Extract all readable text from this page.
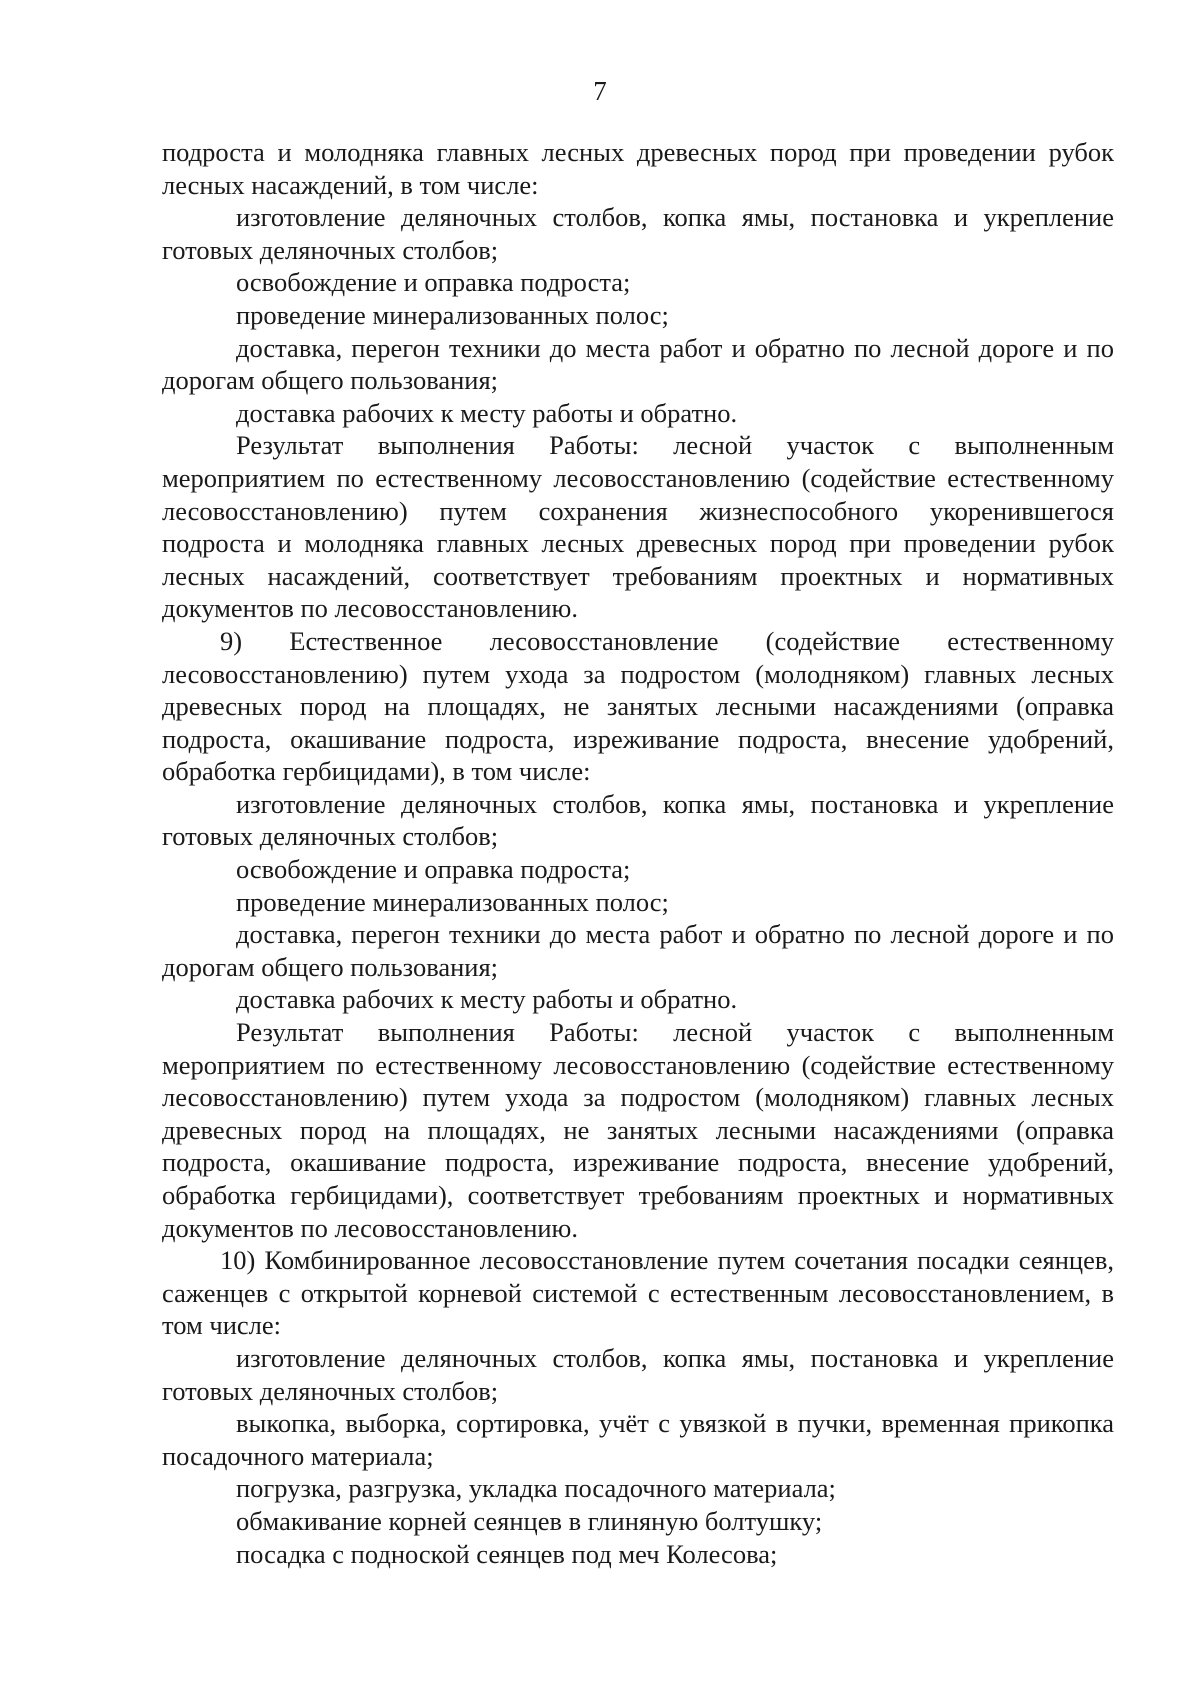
7

подроста и молодняка главных лесных древесных пород при проведении рубок лесных насаждений, в том числе:

изготовление деляночных столбов, копка ямы, постановка и укрепление готовых деляночных столбов;

освобождение и оправка подроста;

проведение минерализованных полос;

доставка, перегон техники до места работ и обратно по лесной дороге и по дорогам общего пользования;

доставка рабочих к месту работы и обратно.

Результат выполнения Работы: лесной участок с выполненным мероприятием по естественному лесовосстановлению (содействие естественному лесовосстановлению) путем сохранения жизнеспособного укоренившегося подроста и молодняка главных лесных древесных пород при проведении рубок лесных насаждений, соответствует требованиям проектных и нормативных документов по лесовосстановлению.

9) Естественное лесовосстановление (содействие естественному лесовосстановлению) путем ухода за подростом (молодняком) главных лесных древесных пород на площадях, не занятых лесными насаждениями (оправка подроста, окашивание подроста, изреживание подроста, внесение удобрений, обработка гербицидами), в том числе:

изготовление деляночных столбов, копка ямы, постановка и укрепление готовых деляночных столбов;

освобождение и оправка подроста;

проведение минерализованных полос;

доставка, перегон техники до места работ и обратно по лесной дороге и по дорогам общего пользования;

доставка рабочих к месту работы и обратно.

Результат выполнения Работы: лесной участок с выполненным мероприятием по естественному лесовосстановлению (содействие естественному лесовосстановлению) путем ухода за подростом (молодняком) главных лесных древесных пород на площадях, не занятых лесными насаждениями (оправка подроста, окашивание подроста, изреживание подроста, внесение удобрений, обработка гербицидами), соответствует требованиям проектных и нормативных документов по лесовосстановлению.

10) Комбинированное лесовосстановление путем сочетания посадки сеянцев, саженцев с открытой корневой системой с естественным лесовосстановлением, в том числе:

изготовление деляночных столбов, копка ямы, постановка и укрепление готовых деляночных столбов;

выкопка, выборка, сортировка, учёт с увязкой в пучки, временная прикопка посадочного материала;

погрузка, разгрузка, укладка посадочного материала;

обмакивание корней сеянцев в глиняную болтушку;

посадка с подноской сеянцев под меч Колесова;
